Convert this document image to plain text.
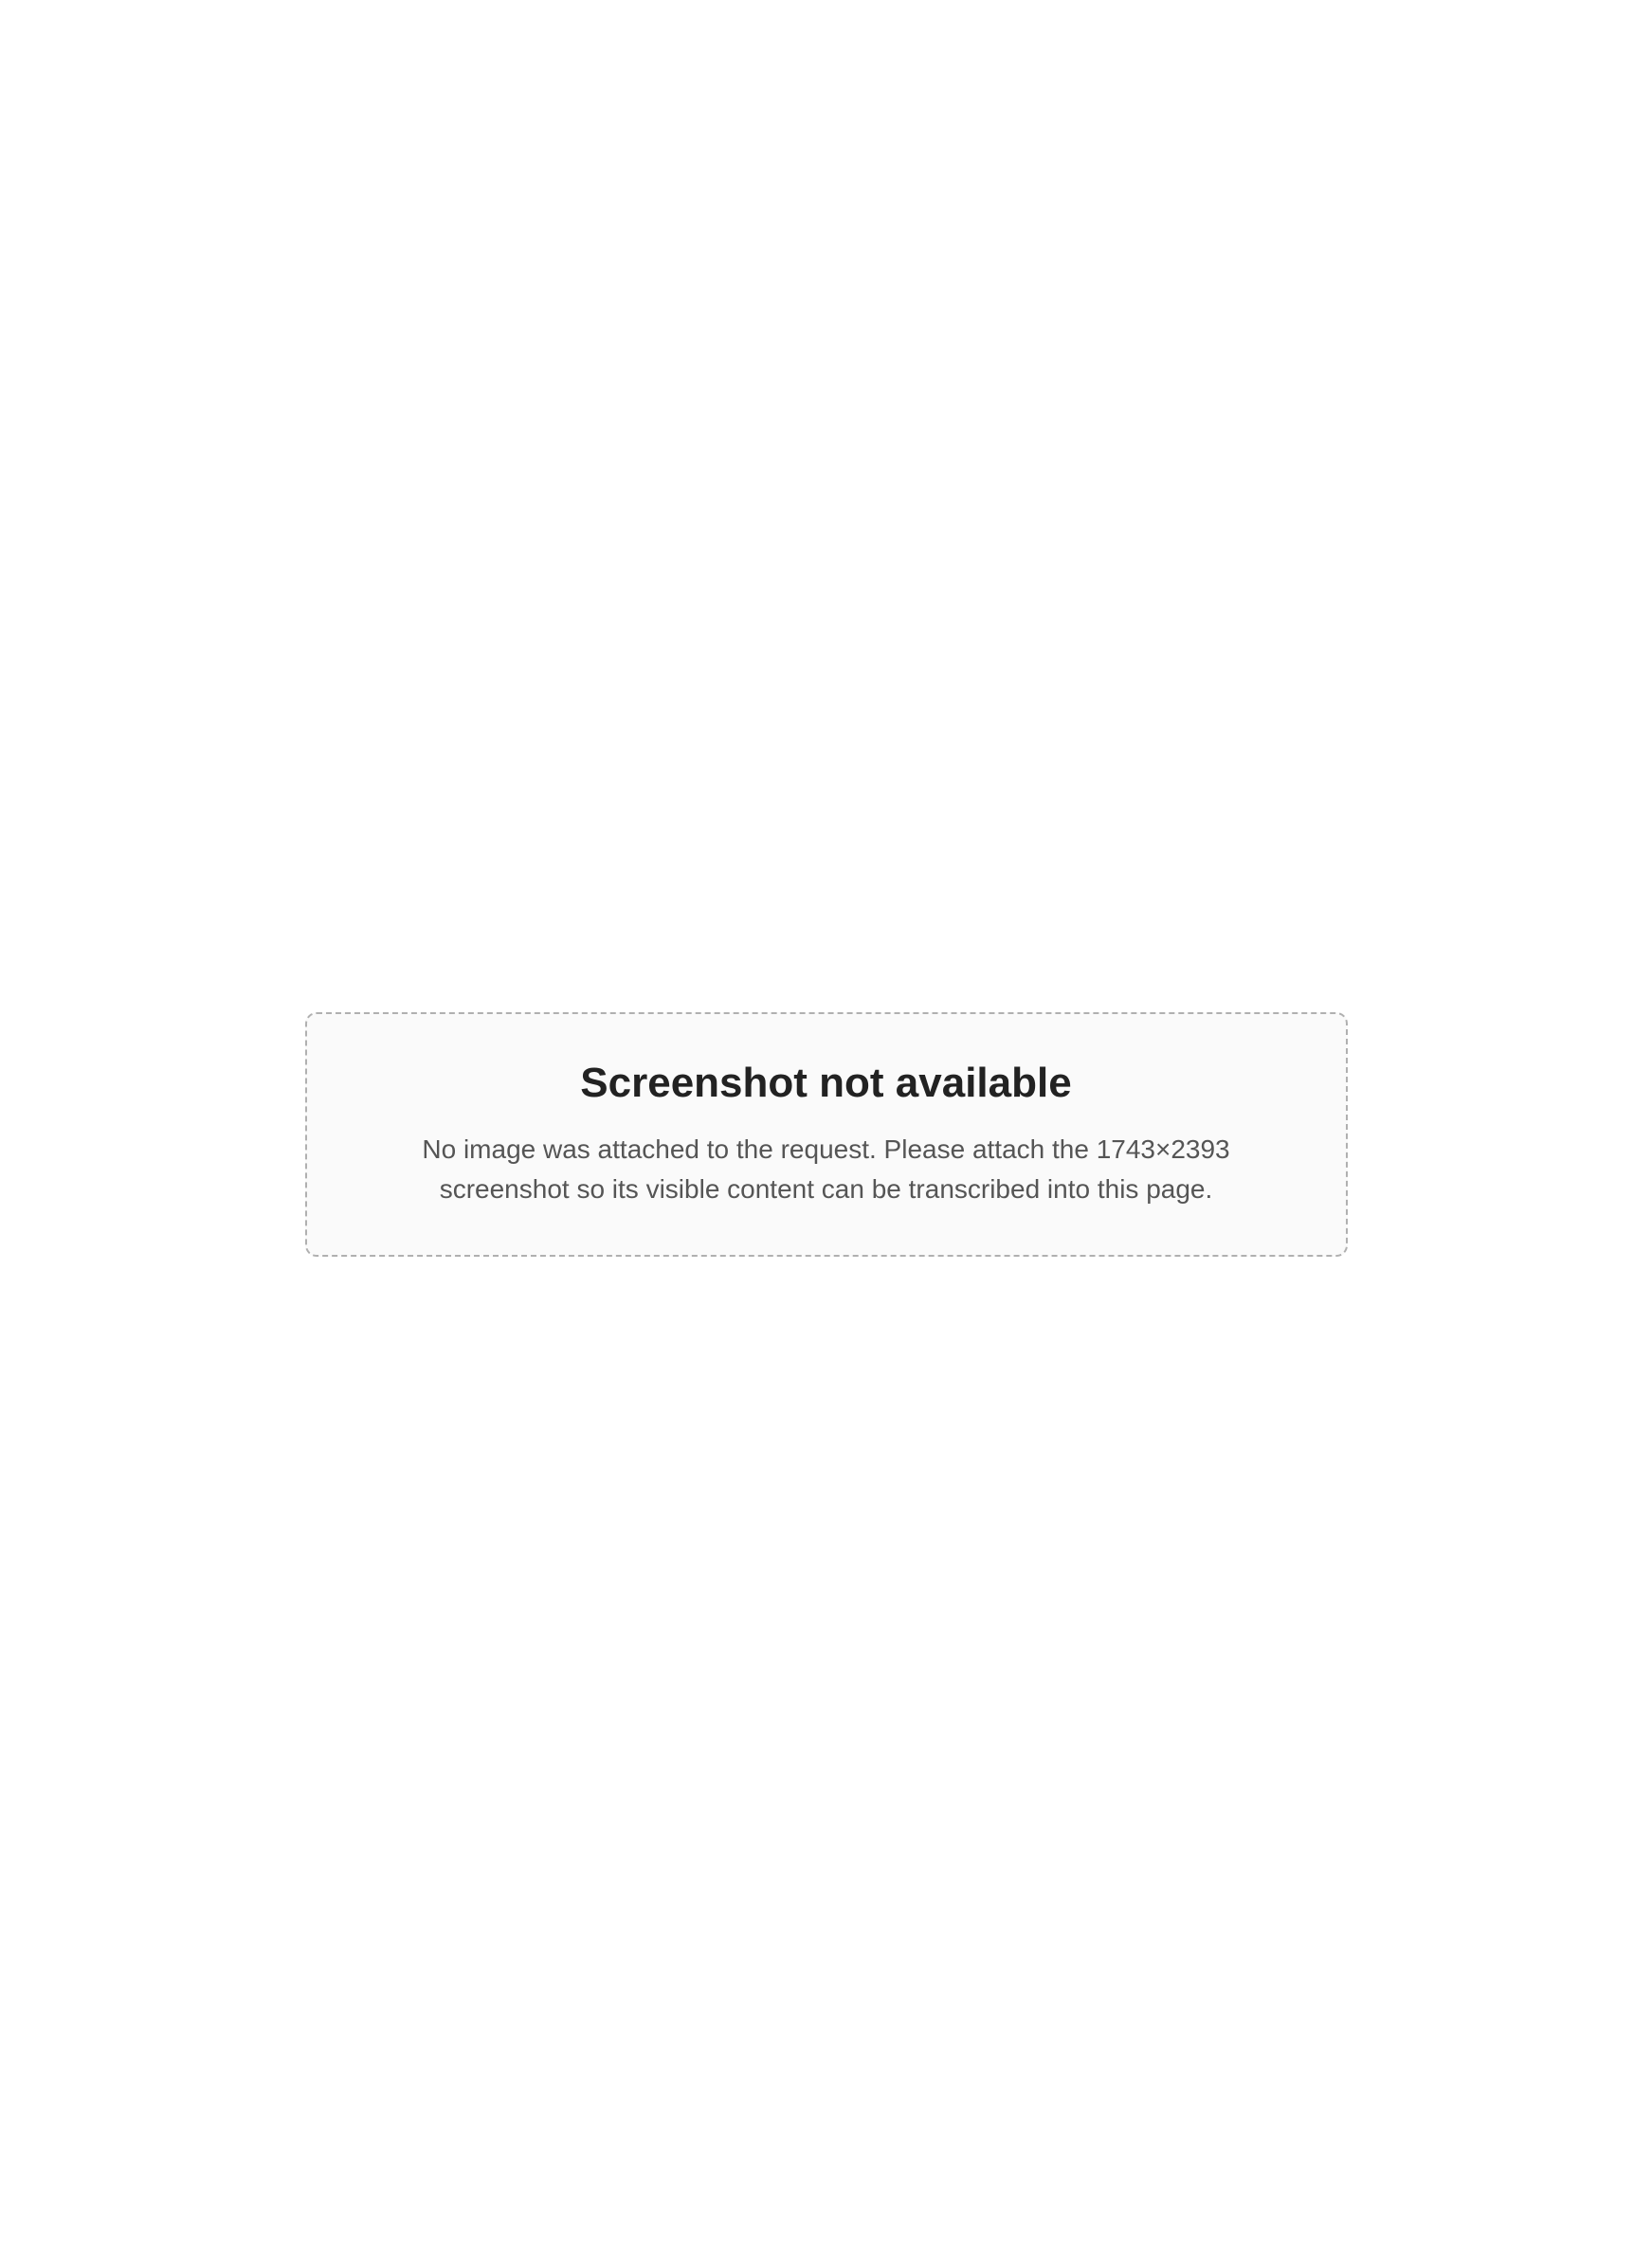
Screenshot not available

No image was attached to the request. Please attach the 1743×2393 screenshot so its visible content can be transcribed into this page.
